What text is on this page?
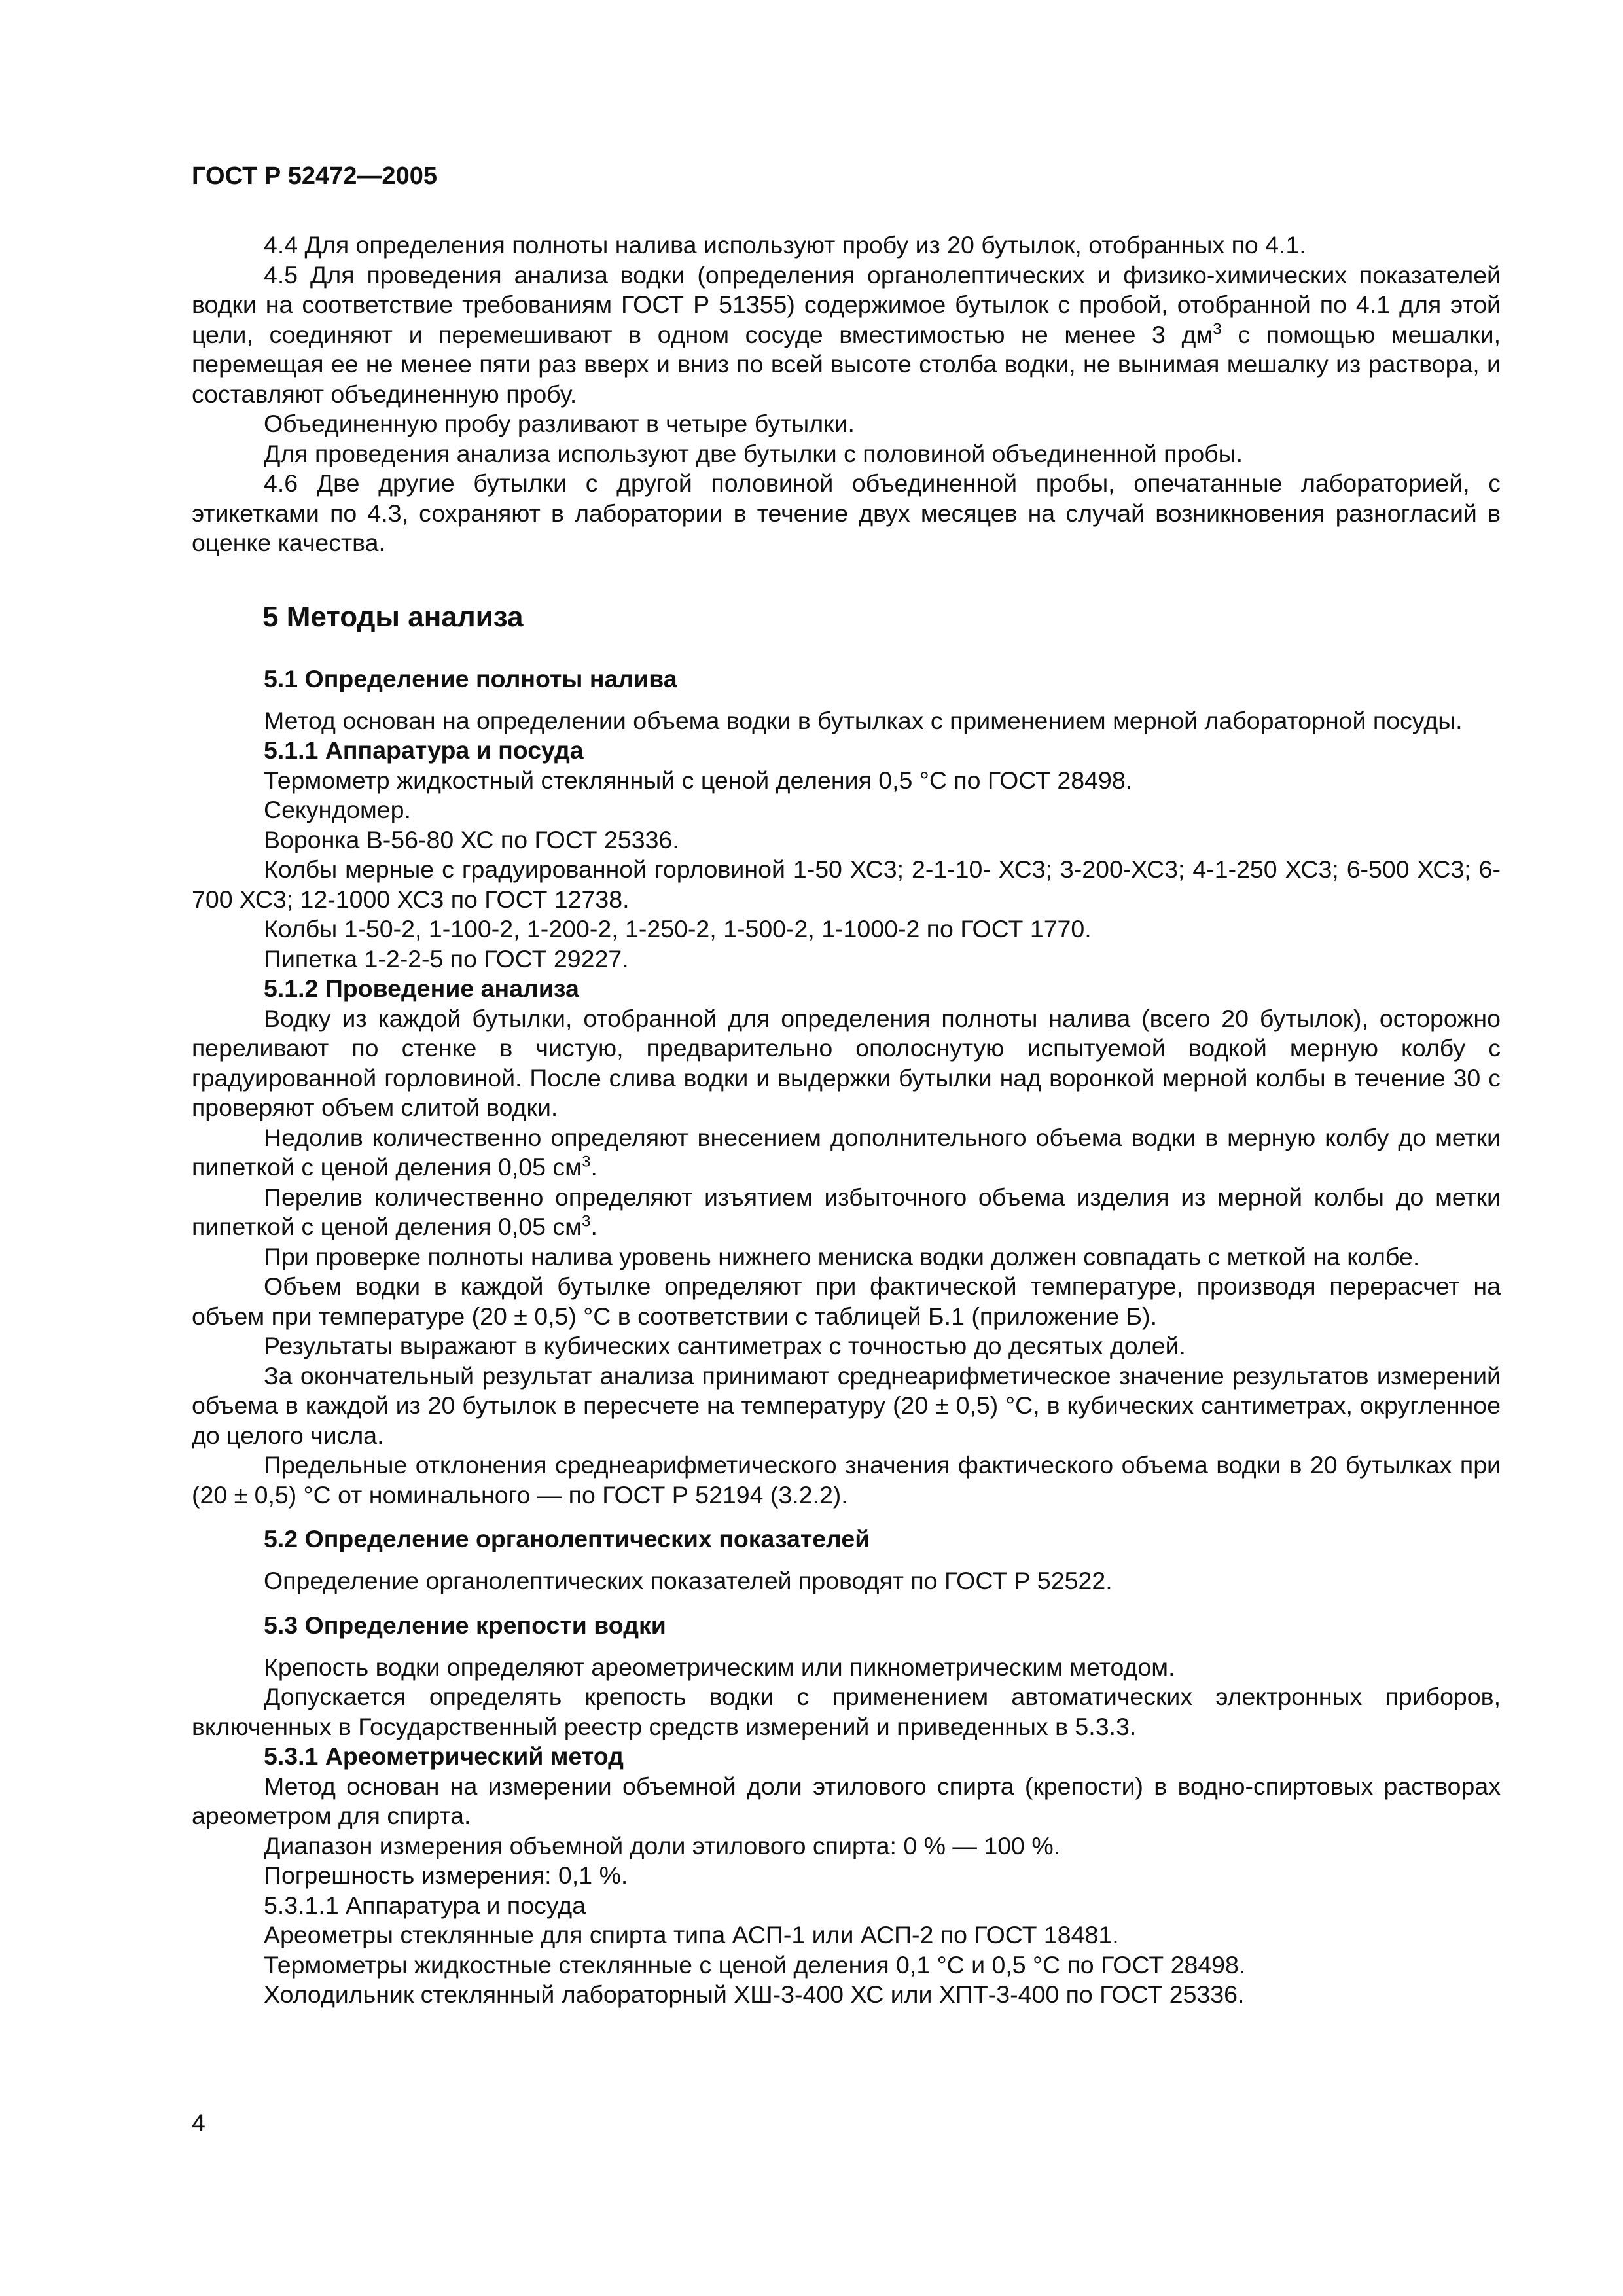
ГОСТ Р 52472—2005

4.4 Для определения полноты налива используют пробу из 20 бутылок, отобранных по 4.1.

4.5 Для проведения анализа водки (определения органолептических и физико-химических показателей водки на соответствие требованиям ГОСТ Р 51355) содержимое бутылок с пробой, отобранной по 4.1 для этой цели, соединяют и перемешивают в одном сосуде вместимостью не менее 3 $дм^3$ с помощью мешалки, перемещая ее не менее пяти раз вверх и вниз по всей высоте столба водки, не вынимая мешалку из раствора, и составляют объединенную пробу.

Объединенную пробу разливают в четыре бутылки.

Для проведения анализа используют две бутылки с половиной объединенной пробы.

4.6 Две другие бутылки с другой половиной объединенной пробы, опечатанные лабораторией, с этикетками по 4.3, сохраняют в лаборатории в течение двух месяцев на случай возникновения разногласий в оценке качества.

5 Методы анализа

5.1 Определение полноты налива

Метод основан на определении объема водки в бутылках с применением мерной лабораторной посуды.

5.1.1 Аппаратура и посуда

Термометр жидкостный стеклянный с ценой деления 0,5 °С по ГОСТ 28498.

Секундомер.

Воронка В-56-80 ХС по ГОСТ 25336.

Колбы мерные с градуированной горловиной 1-50 ХС3; 2-1-10- ХС3; 3-200-ХС3; 4-1-250 ХС3; 6-500 ХС3; 6-700 ХС3; 12-1000 ХС3 по ГОСТ 12738.

Колбы 1-50-2, 1-100-2, 1-200-2, 1-250-2, 1-500-2, 1-1000-2 по ГОСТ 1770.

Пипетка 1-2-2-5 по ГОСТ 29227.

5.1.2 Проведение анализа

Водку из каждой бутылки, отобранной для определения полноты налива (всего 20 бутылок), осторожно переливают по стенке в чистую, предварительно ополоснутую испытуемой водкой мерную колбу с градуированной горловиной. После слива водки и выдержки бутылки над воронкой мерной колбы в течение 30 с проверяют объем слитой водки.

Недолив количественно определяют внесением дополнительного объема водки в мерную колбу до метки пипеткой с ценой деления 0,05 $см^3$.

Перелив количественно определяют изъятием избыточного объема изделия из мерной колбы до метки пипеткой с ценой деления 0,05 $см^3$.

При проверке полноты налива уровень нижнего мениска водки должен совпадать с меткой на колбе.

Объем водки в каждой бутылке определяют при фактической температуре, производя перерасчет на объем при температуре (20 ± 0,5) °С в соответствии с таблицей Б.1 (приложение Б).

Результаты выражают в кубических сантиметрах с точностью до десятых долей.

За окончательный результат анализа принимают среднеарифметическое значение результатов измерений объема в каждой из 20 бутылок в пересчете на температуру (20 ± 0,5) °С, в кубических сантиметрах, округленное до целого числа.

Предельные отклонения среднеарифметического значения фактического объема водки в 20 бутылках при (20 ± 0,5) °С от номинального — по ГОСТ Р 52194 (3.2.2).

5.2 Определение органолептических показателей

Определение органолептических показателей проводят по ГОСТ Р 52522.

5.3 Определение крепости водки

Крепость водки определяют ареометрическим или пикнометрическим методом.

Допускается определять крепость водки с применением автоматических электронных приборов, включенных в Государственный реестр средств измерений и приведенных в 5.3.3.

5.3.1 Ареометрический метод

Метод основан на измерении объемной доли этилового спирта (крепости) в водно-спиртовых растворах ареометром для спирта.

Диапазон измерения объемной доли этилового спирта: 0 % — 100 %.

Погрешность измерения: 0,1 %.

5.3.1.1 Аппаратура и посуда

Ареометры стеклянные для спирта типа АСП-1 или АСП-2 по ГОСТ 18481.

Термометры жидкостные стеклянные с ценой деления 0,1 °С и 0,5 °С по ГОСТ 28498.

Холодильник стеклянный лабораторный ХШ-3-400 ХС или ХПТ-3-400 по ГОСТ 25336.

4
